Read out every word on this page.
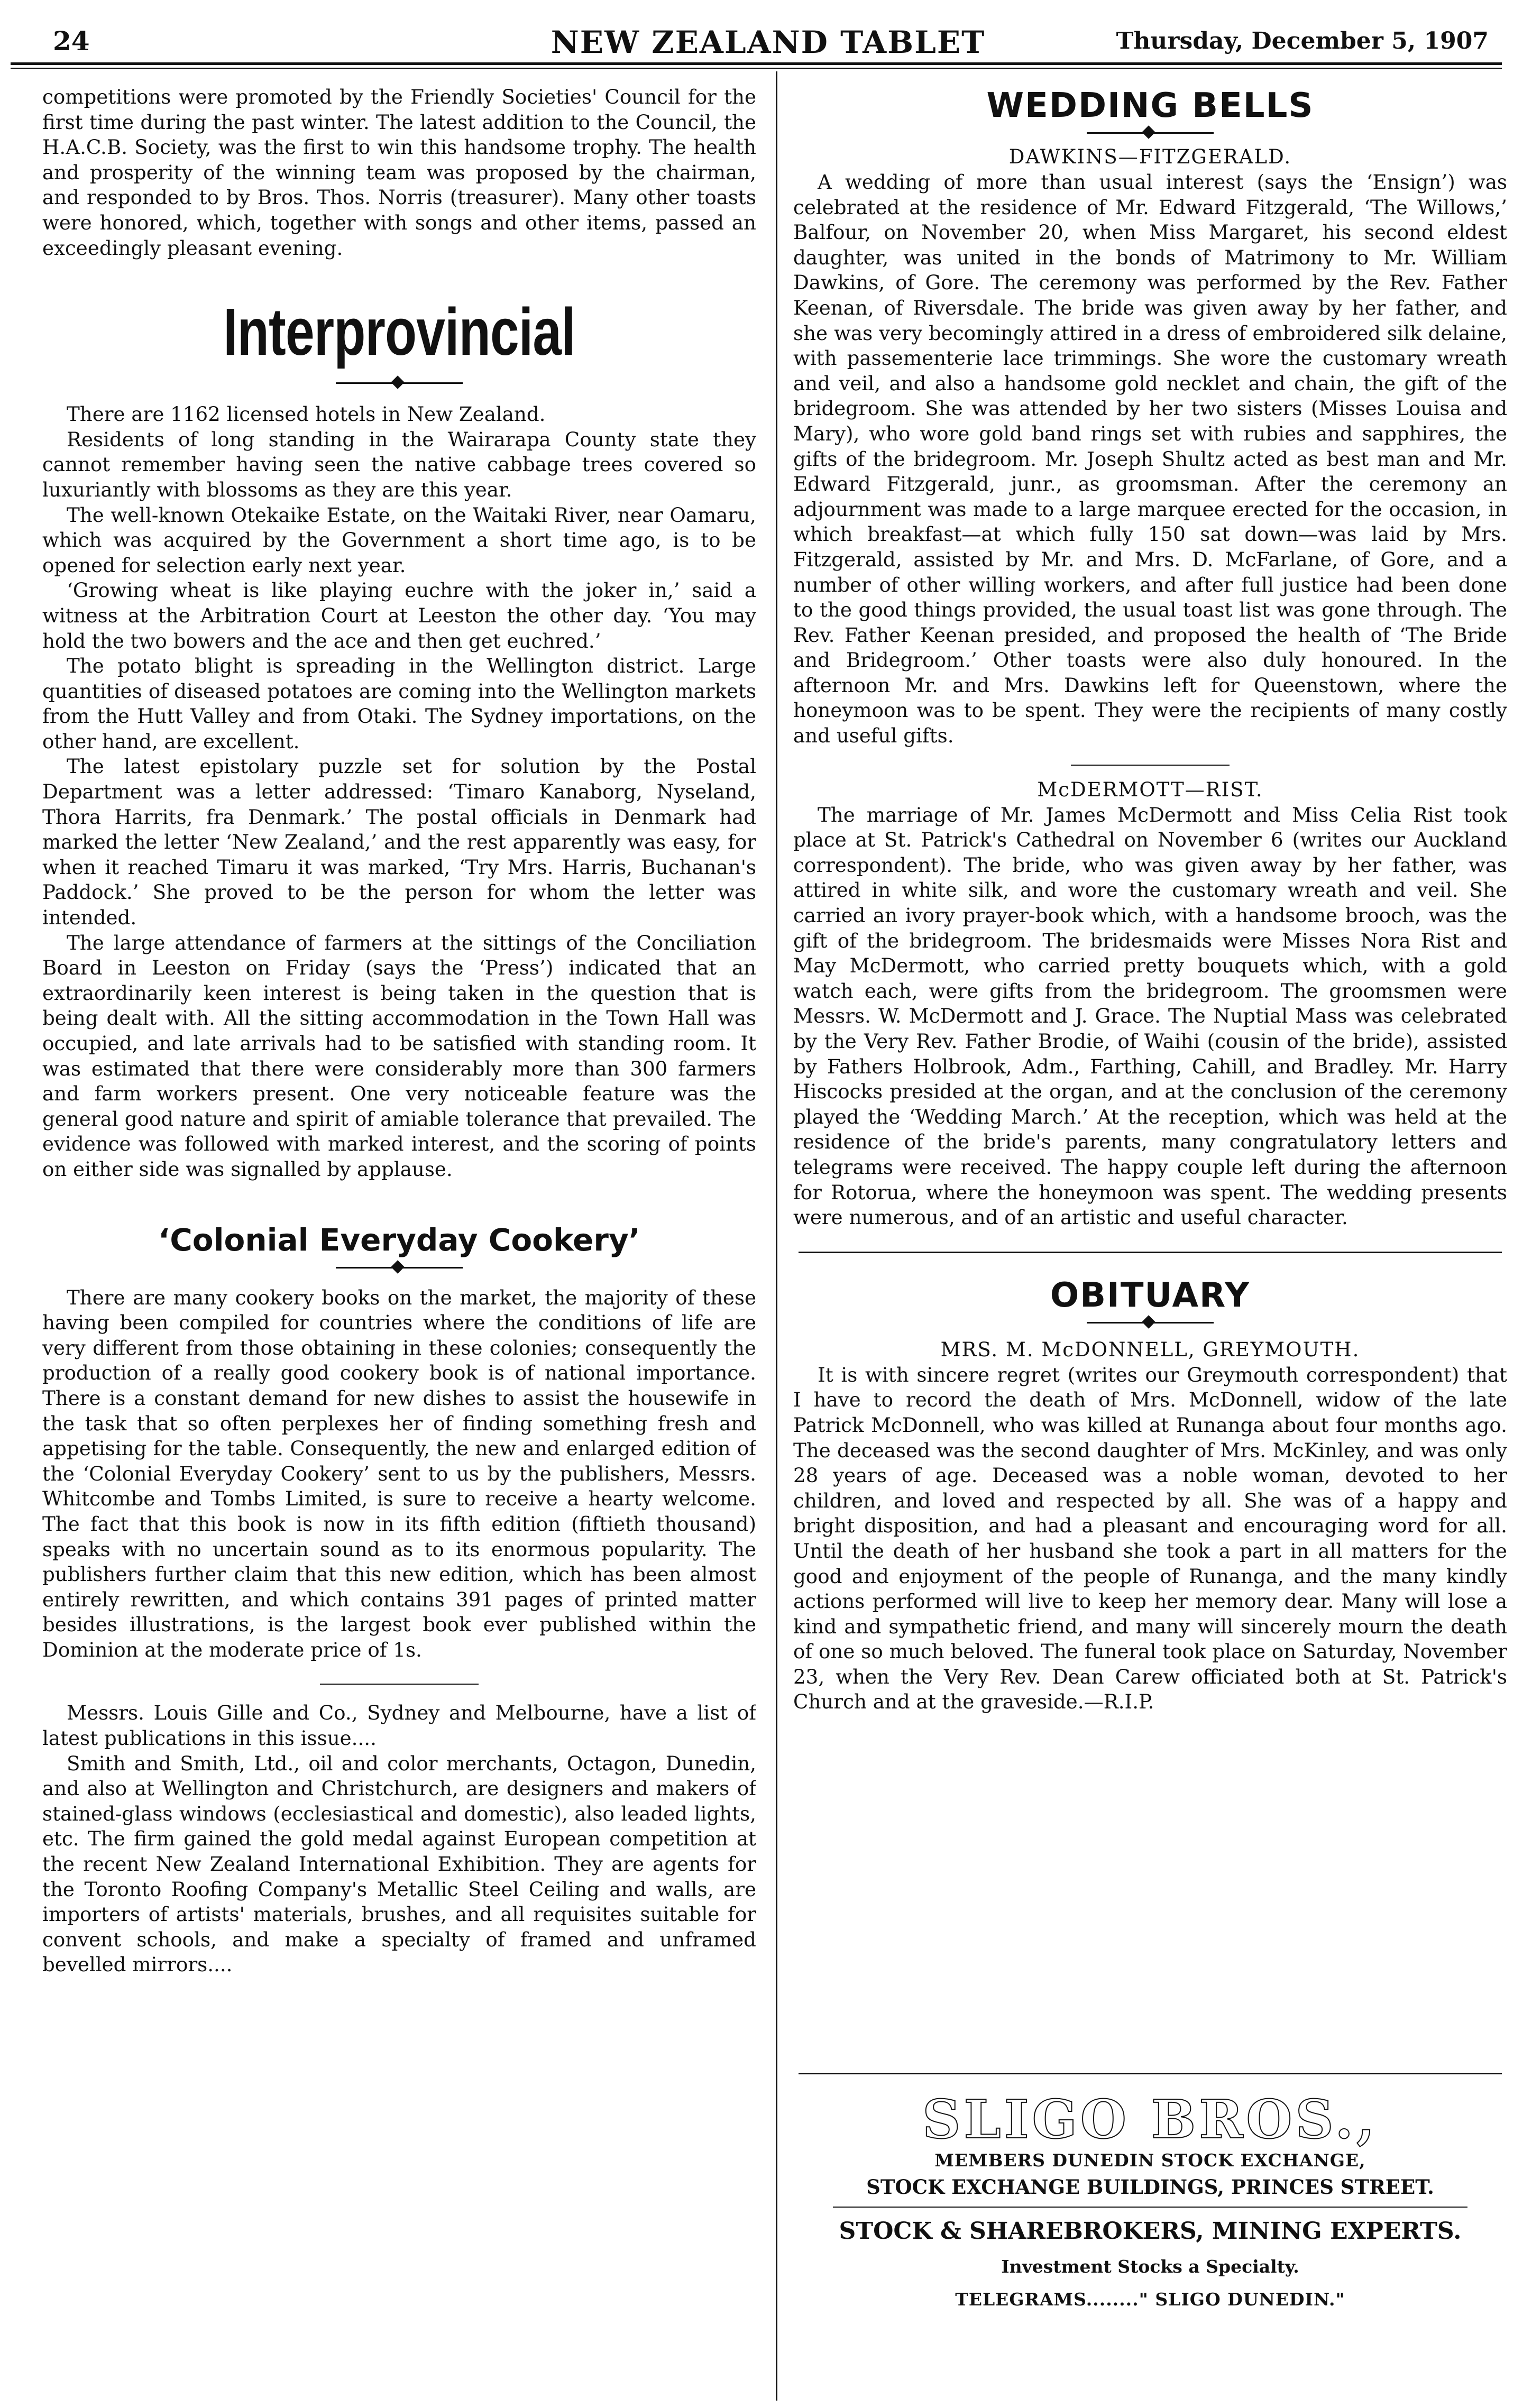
24	NEW ZEALAND TABLET	Thursday, December 5, 1907

competitions were promoted by the Friendly Societies' Council for the first time during the past winter. The latest addition to the Council, the H.A.C.B. Society, was the first to win this handsome trophy. The health and prosperity of the winning team was proposed by the chairman, and responded to by Bros. Thos. Norris (treasurer). Many other toasts were honored, which, together with songs and other items, passed an exceedingly pleasant evening.

Interprovincial

There are 1162 licensed hotels in New Zealand.

Residents of long standing in the Wairarapa County state they cannot remember having seen the native cabbage trees covered so luxuriantly with blossoms as they are this year.

The well-known Otekaike Estate, on the Waitaki River, near Oamaru, which was acquired by the Government a short time ago, is to be opened for selection early next year.

‘Growing wheat is like playing euchre with the joker in,’ said a witness at the Arbitration Court at Leeston the other day. ‘You may hold the two bowers and the ace and then get euchred.’

The potato blight is spreading in the Wellington district. Large quantities of diseased potatoes are coming into the Wellington markets from the Hutt Valley and from Otaki. The Sydney importations, on the other hand, are excellent.

The latest epistolary puzzle set for solution by the Postal Department was a letter addressed: ‘Timaro Kanaborg, Nyseland, Thora Harrits, fra Denmark.’ The postal officials in Denmark had marked the letter ‘New Zealand,’ and the rest apparently was easy, for when it reached Timaru it was marked, ‘Try Mrs. Harris, Buchanan's Paddock.’ She proved to be the person for whom the letter was intended.

The large attendance of farmers at the sittings of the Conciliation Board in Leeston on Friday (says the ‘Press’) indicated that an extraordinarily keen interest is being taken in the question that is being dealt with. All the sitting accommodation in the Town Hall was occupied, and late arrivals had to be satisfied with standing room. It was estimated that there were considerably more than 300 farmers and farm workers present. One very noticeable feature was the general good nature and spirit of amiable tolerance that prevailed. The evidence was followed with marked interest, and the scoring of points on either side was signalled by applause.

‘Colonial Everyday Cookery’

There are many cookery books on the market, the majority of these having been compiled for countries where the conditions of life are very different from those obtaining in these colonies; consequently the production of a really good cookery book is of national importance. There is a constant demand for new dishes to assist the housewife in the task that so often perplexes her of finding something fresh and appetising for the table. Consequently, the new and enlarged edition of the ‘Colonial Everyday Cookery’ sent to us by the publishers, Messrs. Whitcombe and Tombs Limited, is sure to receive a hearty welcome. The fact that this book is now in its fifth edition (fiftieth thousand) speaks with no uncertain sound as to its enormous popularity. The publishers further claim that this new edition, which has been almost entirely rewritten, and which contains 391 pages of printed matter besides illustrations, is the largest book ever published within the Dominion at the moderate price of 1s.

Messrs. Louis Gille and Co., Sydney and Melbourne, have a list of latest publications in this issue....

Smith and Smith, Ltd., oil and color merchants, Octagon, Dunedin, and also at Wellington and Christchurch, are designers and makers of stained-glass windows (ecclesiastical and domestic), also leaded lights, etc. The firm gained the gold medal against European competition at the recent New Zealand International Exhibition. They are agents for the Toronto Roofing Company's Metallic Steel Ceiling and walls, are importers of artists' materials, brushes, and all requisites suitable for convent schools, and make a specialty of framed and unframed bevelled mirrors....

WEDDING BELLS
DAWKINS—FITZGERALD.

A wedding of more than usual interest (says the ‘Ensign’) was celebrated at the residence of Mr. Edward Fitzgerald, ‘The Willows,’ Balfour, on November 20, when Miss Margaret, his second eldest daughter, was united in the bonds of Matrimony to Mr. William Dawkins, of Gore. The ceremony was performed by the Rev. Father Keenan, of Riversdale. The bride was given away by her father, and she was very becomingly attired in a dress of embroidered silk delaine, with passementerie lace trimmings. She wore the customary wreath and veil, and also a handsome gold necklet and chain, the gift of the bridegroom. She was attended by her two sisters (Misses Louisa and Mary), who wore gold band rings set with rubies and sapphires, the gifts of the bridegroom. Mr. Joseph Shultz acted as best man and Mr. Edward Fitzgerald, junr., as groomsman. After the ceremony an adjournment was made to a large marquee erected for the occasion, in which breakfast—at which fully 150 sat down—was laid by Mrs. Fitzgerald, assisted by Mr. and Mrs. D. McFarlane, of Gore, and a number of other willing workers, and after full justice had been done to the good things provided, the usual toast list was gone through. The Rev. Father Keenan presided, and proposed the health of ‘The Bride and Bridegroom.’ Other toasts were also duly honoured. In the afternoon Mr. and Mrs. Dawkins left for Queenstown, where the honeymoon was to be spent. They were the recipients of many costly and useful gifts.

McDERMOTT—RIST.

The marriage of Mr. James McDermott and Miss Celia Rist took place at St. Patrick's Cathedral on November 6 (writes our Auckland correspondent). The bride, who was given away by her father, was attired in white silk, and wore the customary wreath and veil. She carried an ivory prayer-book which, with a handsome brooch, was the gift of the bridegroom. The bridesmaids were Misses Nora Rist and May McDermott, who carried pretty bouquets which, with a gold watch each, were gifts from the bridegroom. The groomsmen were Messrs. W. McDermott and J. Grace. The Nuptial Mass was celebrated by the Very Rev. Father Brodie, of Waihi (cousin of the bride), assisted by Fathers Holbrook, Adm., Farthing, Cahill, and Bradley. Mr. Harry Hiscocks presided at the organ, and at the conclusion of the ceremony played the ‘Wedding March.’ At the reception, which was held at the residence of the bride's parents, many congratulatory letters and telegrams were received. The happy couple left during the afternoon for Rotorua, where the honeymoon was spent. The wedding presents were numerous, and of an artistic and useful character.

OBITUARY
MRS. M. McDONNELL, GREYMOUTH.

It is with sincere regret (writes our Greymouth correspondent) that I have to record the death of Mrs. McDonnell, widow of the late Patrick McDonnell, who was killed at Runanga about four months ago. The deceased was the second daughter of Mrs. McKinley, and was only 28 years of age. Deceased was a noble woman, devoted to her children, and loved and respected by all. She was of a happy and bright disposition, and had a pleasant and encouraging word for all. Until the death of her husband she took a part in all matters for the good and enjoyment of the people of Runanga, and the many kindly actions performed will live to keep her memory dear. Many will lose a kind and sympathetic friend, and many will sincerely mourn the death of one so much beloved. The funeral took place on Saturday, November 23, when the Very Rev. Dean Carew officiated both at St. Patrick's Church and at the graveside.—R.I.P.

SLIGO BROS.,
MEMBERS DUNEDIN STOCK EXCHANGE,
STOCK EXCHANGE BUILDINGS, PRINCES STREET.
STOCK & SHAREBROKERS, MINING EXPERTS.
Investment Stocks a Specialty.
TELEGRAMS........" SLIGO DUNEDIN."
